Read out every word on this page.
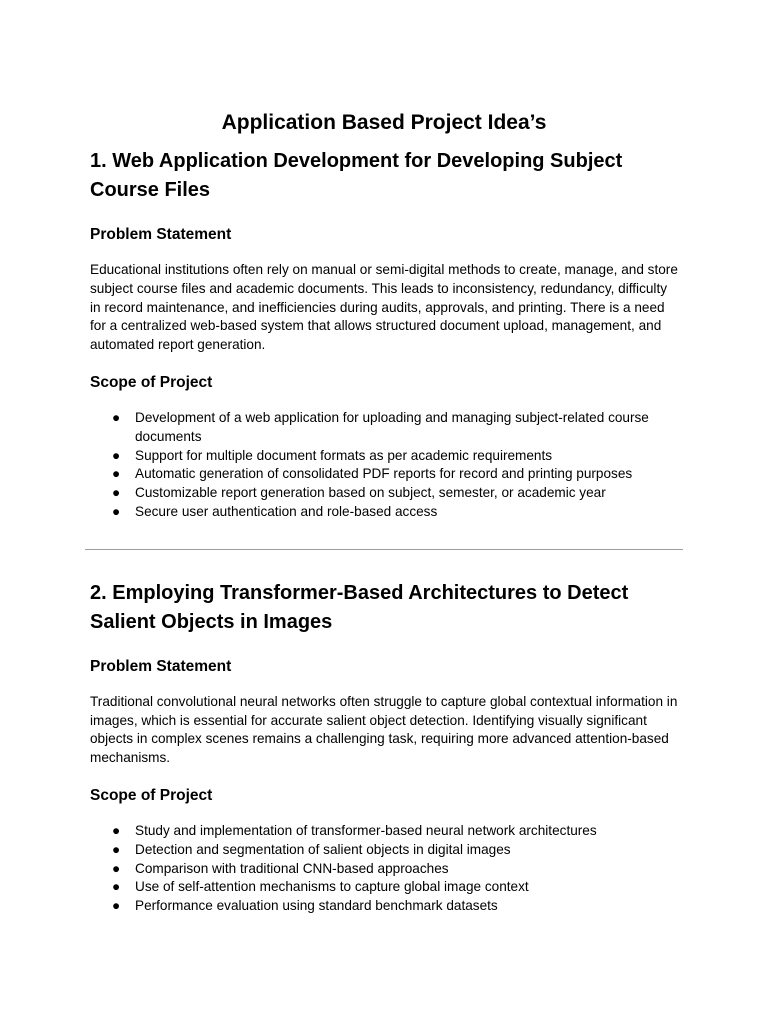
Application Based Project Idea’s
1. Web Application Development for Developing Subject Course Files
Problem Statement

Educational institutions often rely on manual or semi-digital methods to create, manage, and store subject course files and academic documents. This leads to inconsistency, redundancy, difficulty in record maintenance, and inefficiencies during audits, approvals, and printing. There is a need for a centralized web-based system that allows structured document upload, management, and automated report generation.

Scope of Project
● Development of a web application for uploading and managing subject-related course documents
● Support for multiple document formats as per academic requirements
● Automatic generation of consolidated PDF reports for record and printing purposes
● Customizable report generation based on subject, semester, or academic year
● Secure user authentication and role-based access
2. Employing Transformer-Based Architectures to Detect Salient Objects in Images
Problem Statement

Traditional convolutional neural networks often struggle to capture global contextual information in images, which is essential for accurate salient object detection. Identifying visually significant objects in complex scenes remains a challenging task, requiring more advanced attention-based mechanisms.

Scope of Project
● Study and implementation of transformer-based neural network architectures
● Detection and segmentation of salient objects in digital images
● Comparison with traditional CNN-based approaches
● Use of self-attention mechanisms to capture global image context
● Performance evaluation using standard benchmark datasets
